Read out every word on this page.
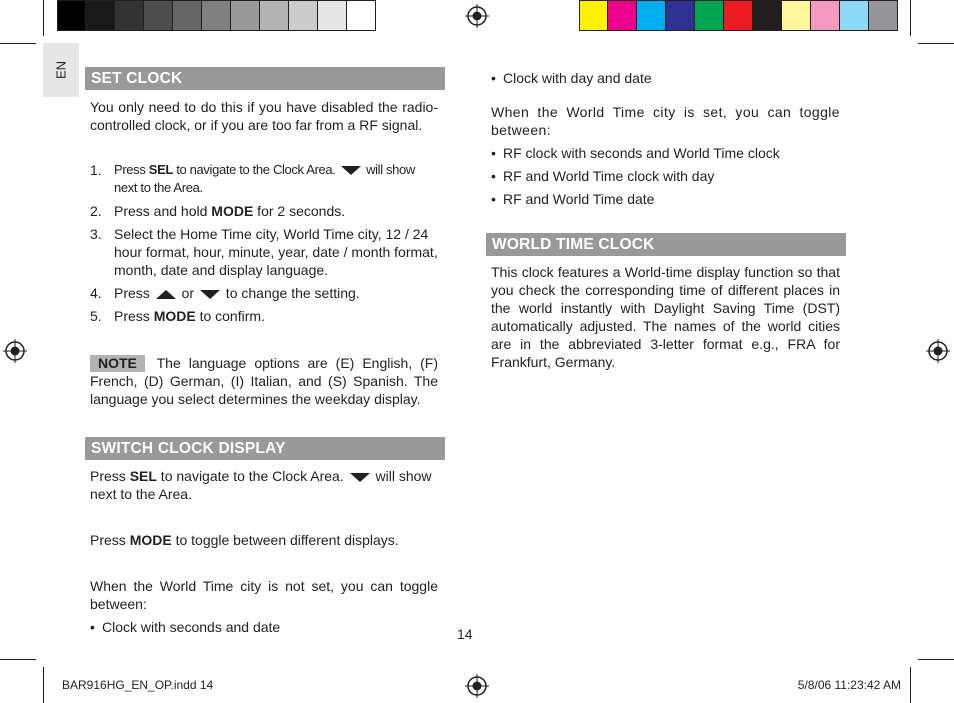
EN	SET CLOCK

You only need to do this if you have disabled the radio-controlled clock, or if you are too far from a RF signal.

1. Press SEL to navigate to the Clock Area.  will show next to the Area.
2. Press and hold MODE for 2 seconds.
3. Select the Home Time city, World Time city, 12 / 24 hour format, hour, minute, year, date / month format, month, date and display language.
4. Press  or  to change the setting.
5. Press MODE to confirm.

NOTE The language options are (E) English, (F) French, (D) German, (I) Italian, and (S) Spanish. The language you select determines the weekday display.

SWITCH CLOCK DISPLAY

Press SEL to navigate to the Clock Area.  will show next to the Area.

Press MODE to toggle between different displays.

When the World Time city is not set, you can toggle between:

• Clock with seconds and date
• Clock with day and date

When the World Time city is set, you can toggle between:

• RF clock with seconds and World Time clock
• RF and World Time clock with day
• RF and World Time date
WORLD TIME CLOCK

This clock features a World-time display function so that you check the corresponding time of different places in the world instantly with Daylight Saving Time (DST) automatically adjusted. The names of the world cities are in the abbreviated 3-letter format e.g., FRA for Frankfurt, Germany.

14
BAR916HG_EN_OP.indd 14	5/8/06 11:23:42 AM
